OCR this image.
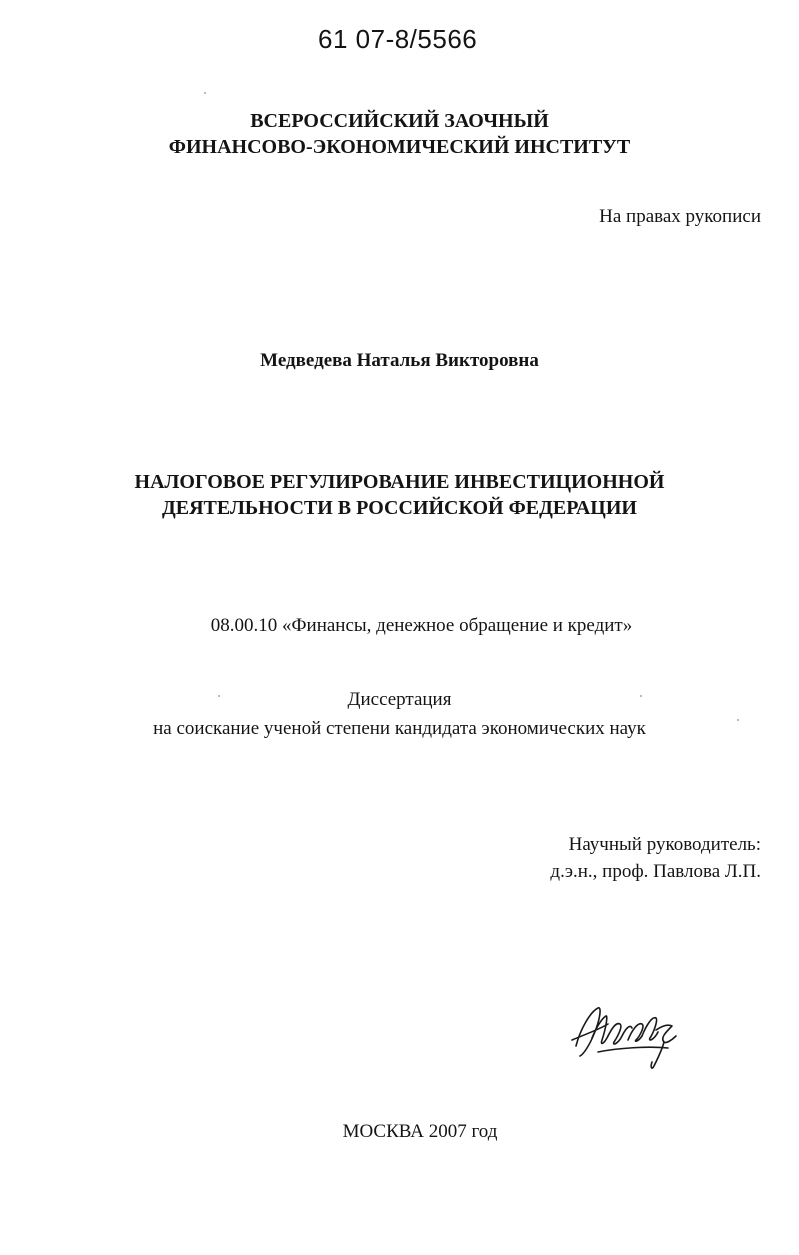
61 07-8/5566
ВСЕРОССИЙСКИЙ ЗАОЧНЫЙ
ФИНАНСОВО-ЭКОНОМИЧЕСКИЙ ИНСТИТУТ
На правах рукописи
Медведева Наталья Викторовна
НАЛОГОВОЕ РЕГУЛИРОВАНИЕ ИНВЕСТИЦИОННОЙ
ДЕЯТЕЛЬНОСТИ В РОССИЙСКОЙ ФЕДЕРАЦИИ
08.00.10 «Финансы, денежное обращение и кредит»
Диссертация
на соискание ученой степени кандидата экономических наук
Научный руководитель:
д.э.н., проф. Павлова Л.П.
МОСКВА 2007 год
